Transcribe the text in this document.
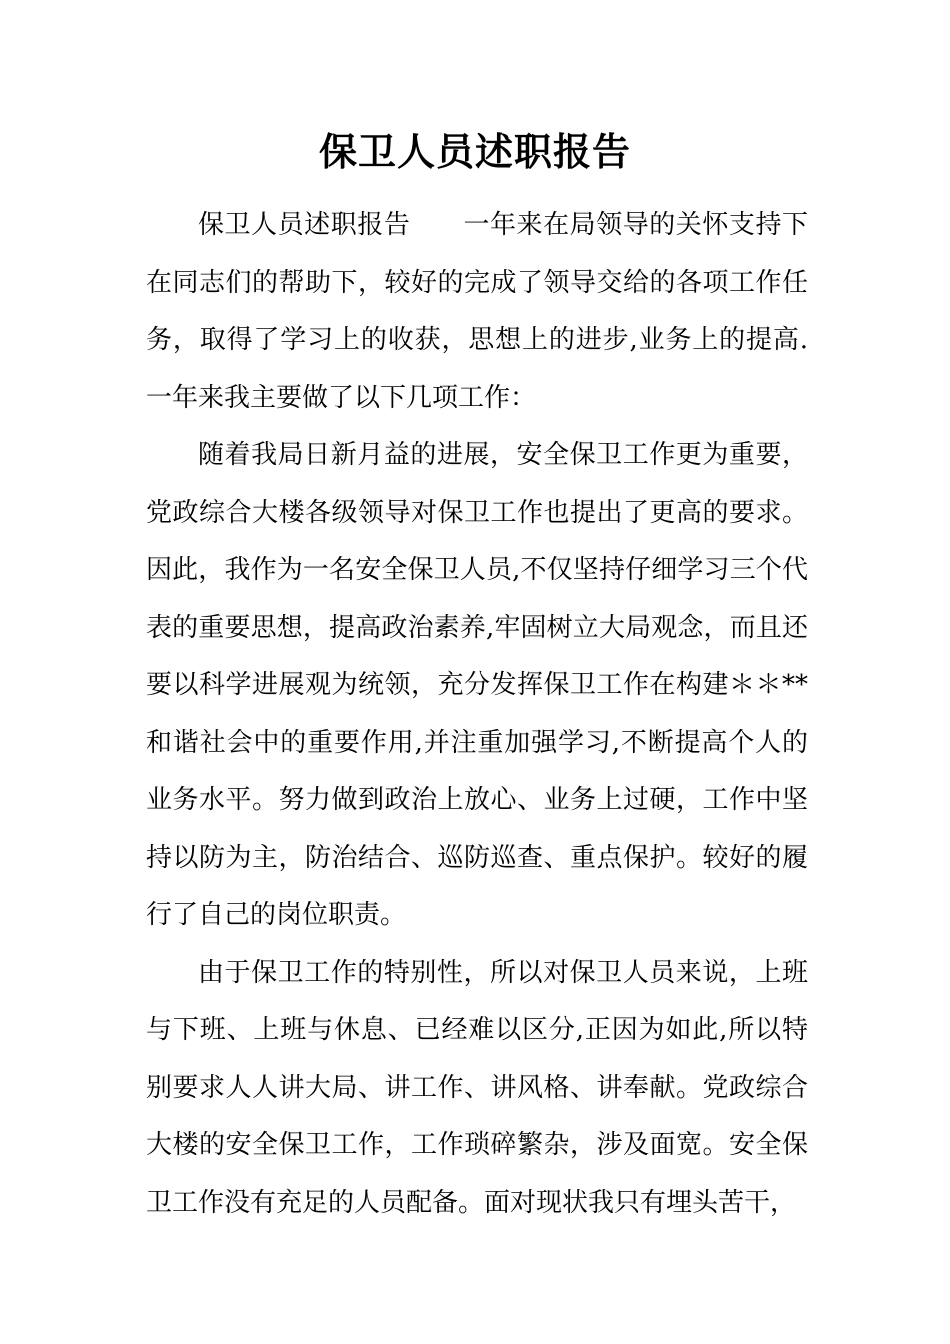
保卫人员述职报告

保卫人员述职报告　　一年来在局领导的关怀支持下在同志们的帮助下，较好的完成了领导交给的各项工作任务，取得了学习上的收获，思想上的进步,业务上的提高.一年来我主要做了以下几项工作：

随着我局日新月益的进展，安全保卫工作更为重要，党政综合大楼各级领导对保卫工作也提出了更高的要求。因此，我作为一名安全保卫人员,不仅坚持仔细学习三个代表的重要思想，提高政治素养,牢固树立大局观念，而且还要以科学进展观为统领，充分发挥保卫工作在构建＊＊**和谐社会中的重要作用,并注重加强学习,不断提高个人的业务水平。努力做到政治上放心、业务上过硬，工作中坚持以防为主，防治结合、巡防巡查、重点保护。较好的履行了自己的岗位职责。

由于保卫工作的特别性，所以对保卫人员来说，上班与下班、上班与休息、已经难以区分,正因为如此,所以特别要求人人讲大局、讲工作、讲风格、讲奉献。党政综合大楼的安全保卫工作，工作琐碎繁杂，涉及面宽。安全保卫工作没有充足的人员配备。面对现状我只有埋头苦干，
